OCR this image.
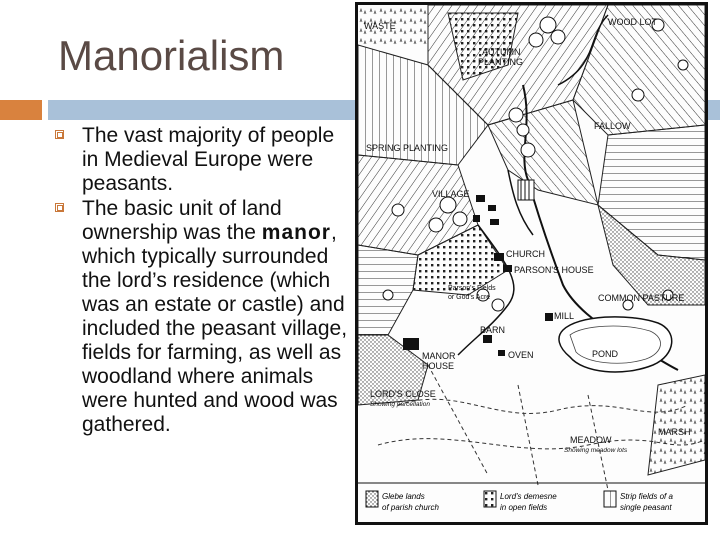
Manorialism
The vast majority of people in Medieval Europe were peasants.
The basic unit of land ownership was the manor, which typically surrounded the lord’s residence (which was an estate or castle) and included the peasant village, fields for farming, as well as woodland where animals were hunted and wood was gathered.
WASTE	WOOD LOT
AUTUMN
PLANTING
FALLOW
SPRING PLANTING
VILLAGE
CHURCH
PARSON'S HOUSE
Parson's Fields
or God's Acre	COMMON PASTURE
MILL
BARN
POND
MANOR
HOUSE
OVEN
LORD'S CLOSE
Showing parcellation
MARSH
MEADOW
Showing meadow lots
Glebe lands
of parish church
Lord's demesne
in open fields
Strip fields of a
single peasant
